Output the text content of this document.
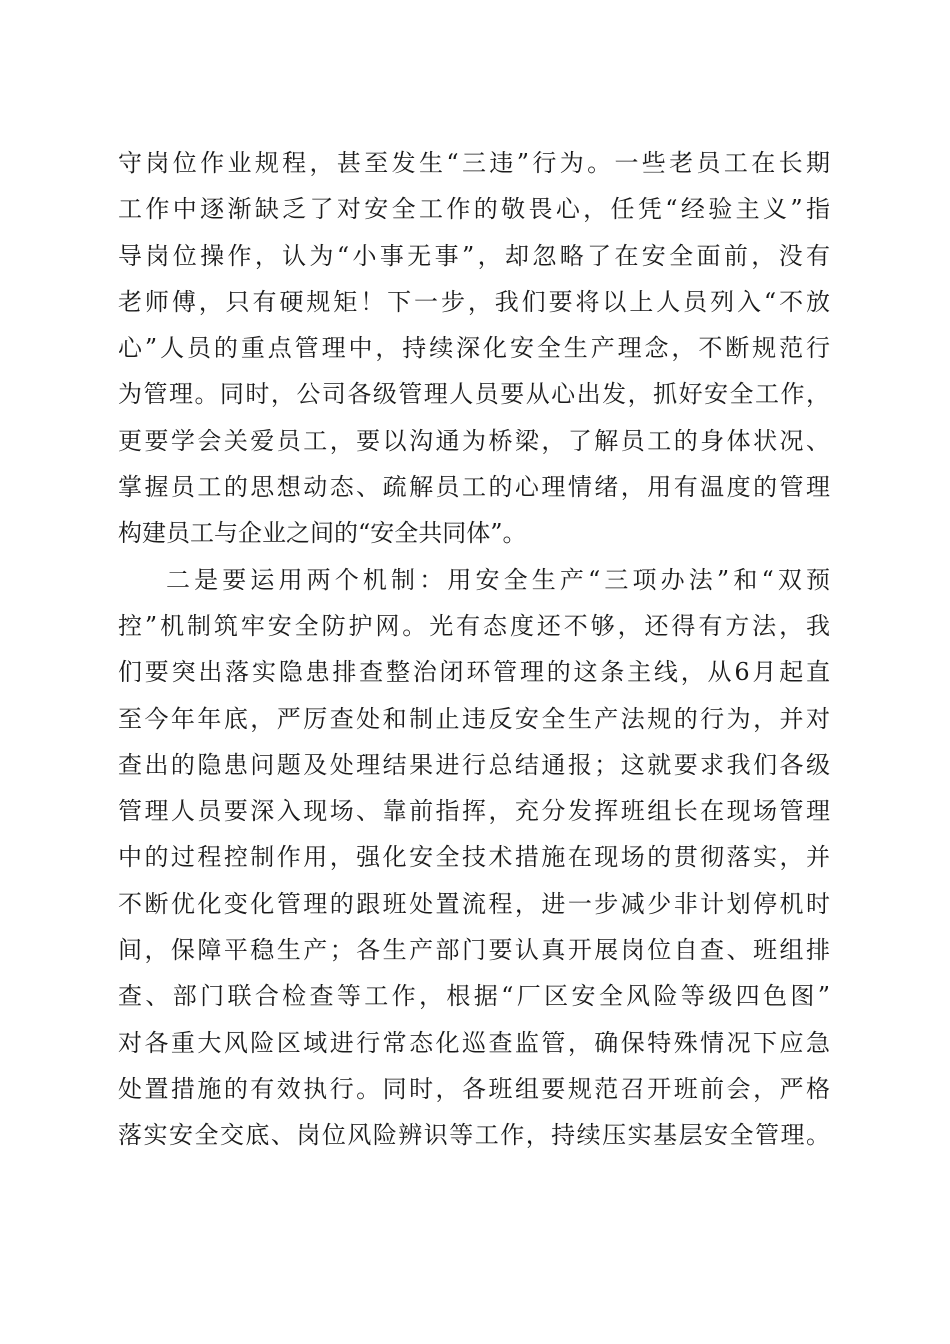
守岗位作业规程，甚至发生“三违”行为。一些老员工在长期
工作中逐渐缺乏了对安全工作的敬畏心，任凭“经验主义”指
导岗位操作，认为“小事无事”，却忽略了在安全面前，没有
老师傅，只有硬规矩！下一步，我们要将以上人员列入“不放
心”人员的重点管理中，持续深化安全生产理念，不断规范行
为管理。同时，公司各级管理人员要从心出发，抓好安全工作，
更要学会关爱员工，要以沟通为桥梁，了解员工的身体状况、
掌握员工的思想动态、疏解员工的心理情绪，用有温度的管理
构建员工与企业之间的“安全共同体”。
二是要运用两个机制：用安全生产“三项办法”和“双预
控”机制筑牢安全防护网。光有态度还不够，还得有方法，我
们要突出落实隐患排查整治闭环管理的这条主线，从6月起直
至今年年底，严厉查处和制止违反安全生产法规的行为，并对
查出的隐患问题及处理结果进行总结通报；这就要求我们各级
管理人员要深入现场、靠前指挥，充分发挥班组长在现场管理
中的过程控制作用，强化安全技术措施在现场的贯彻落实，并
不断优化变化管理的跟班处置流程，进一步减少非计划停机时
间，保障平稳生产；各生产部门要认真开展岗位自查、班组排
查、部门联合检查等工作，根据“厂区安全风险等级四色图”
对各重大风险区域进行常态化巡查监管，确保特殊情况下应急
处置措施的有效执行。同时，各班组要规范召开班前会，严格
落实安全交底、岗位风险辨识等工作，持续压实基层安全管理。
